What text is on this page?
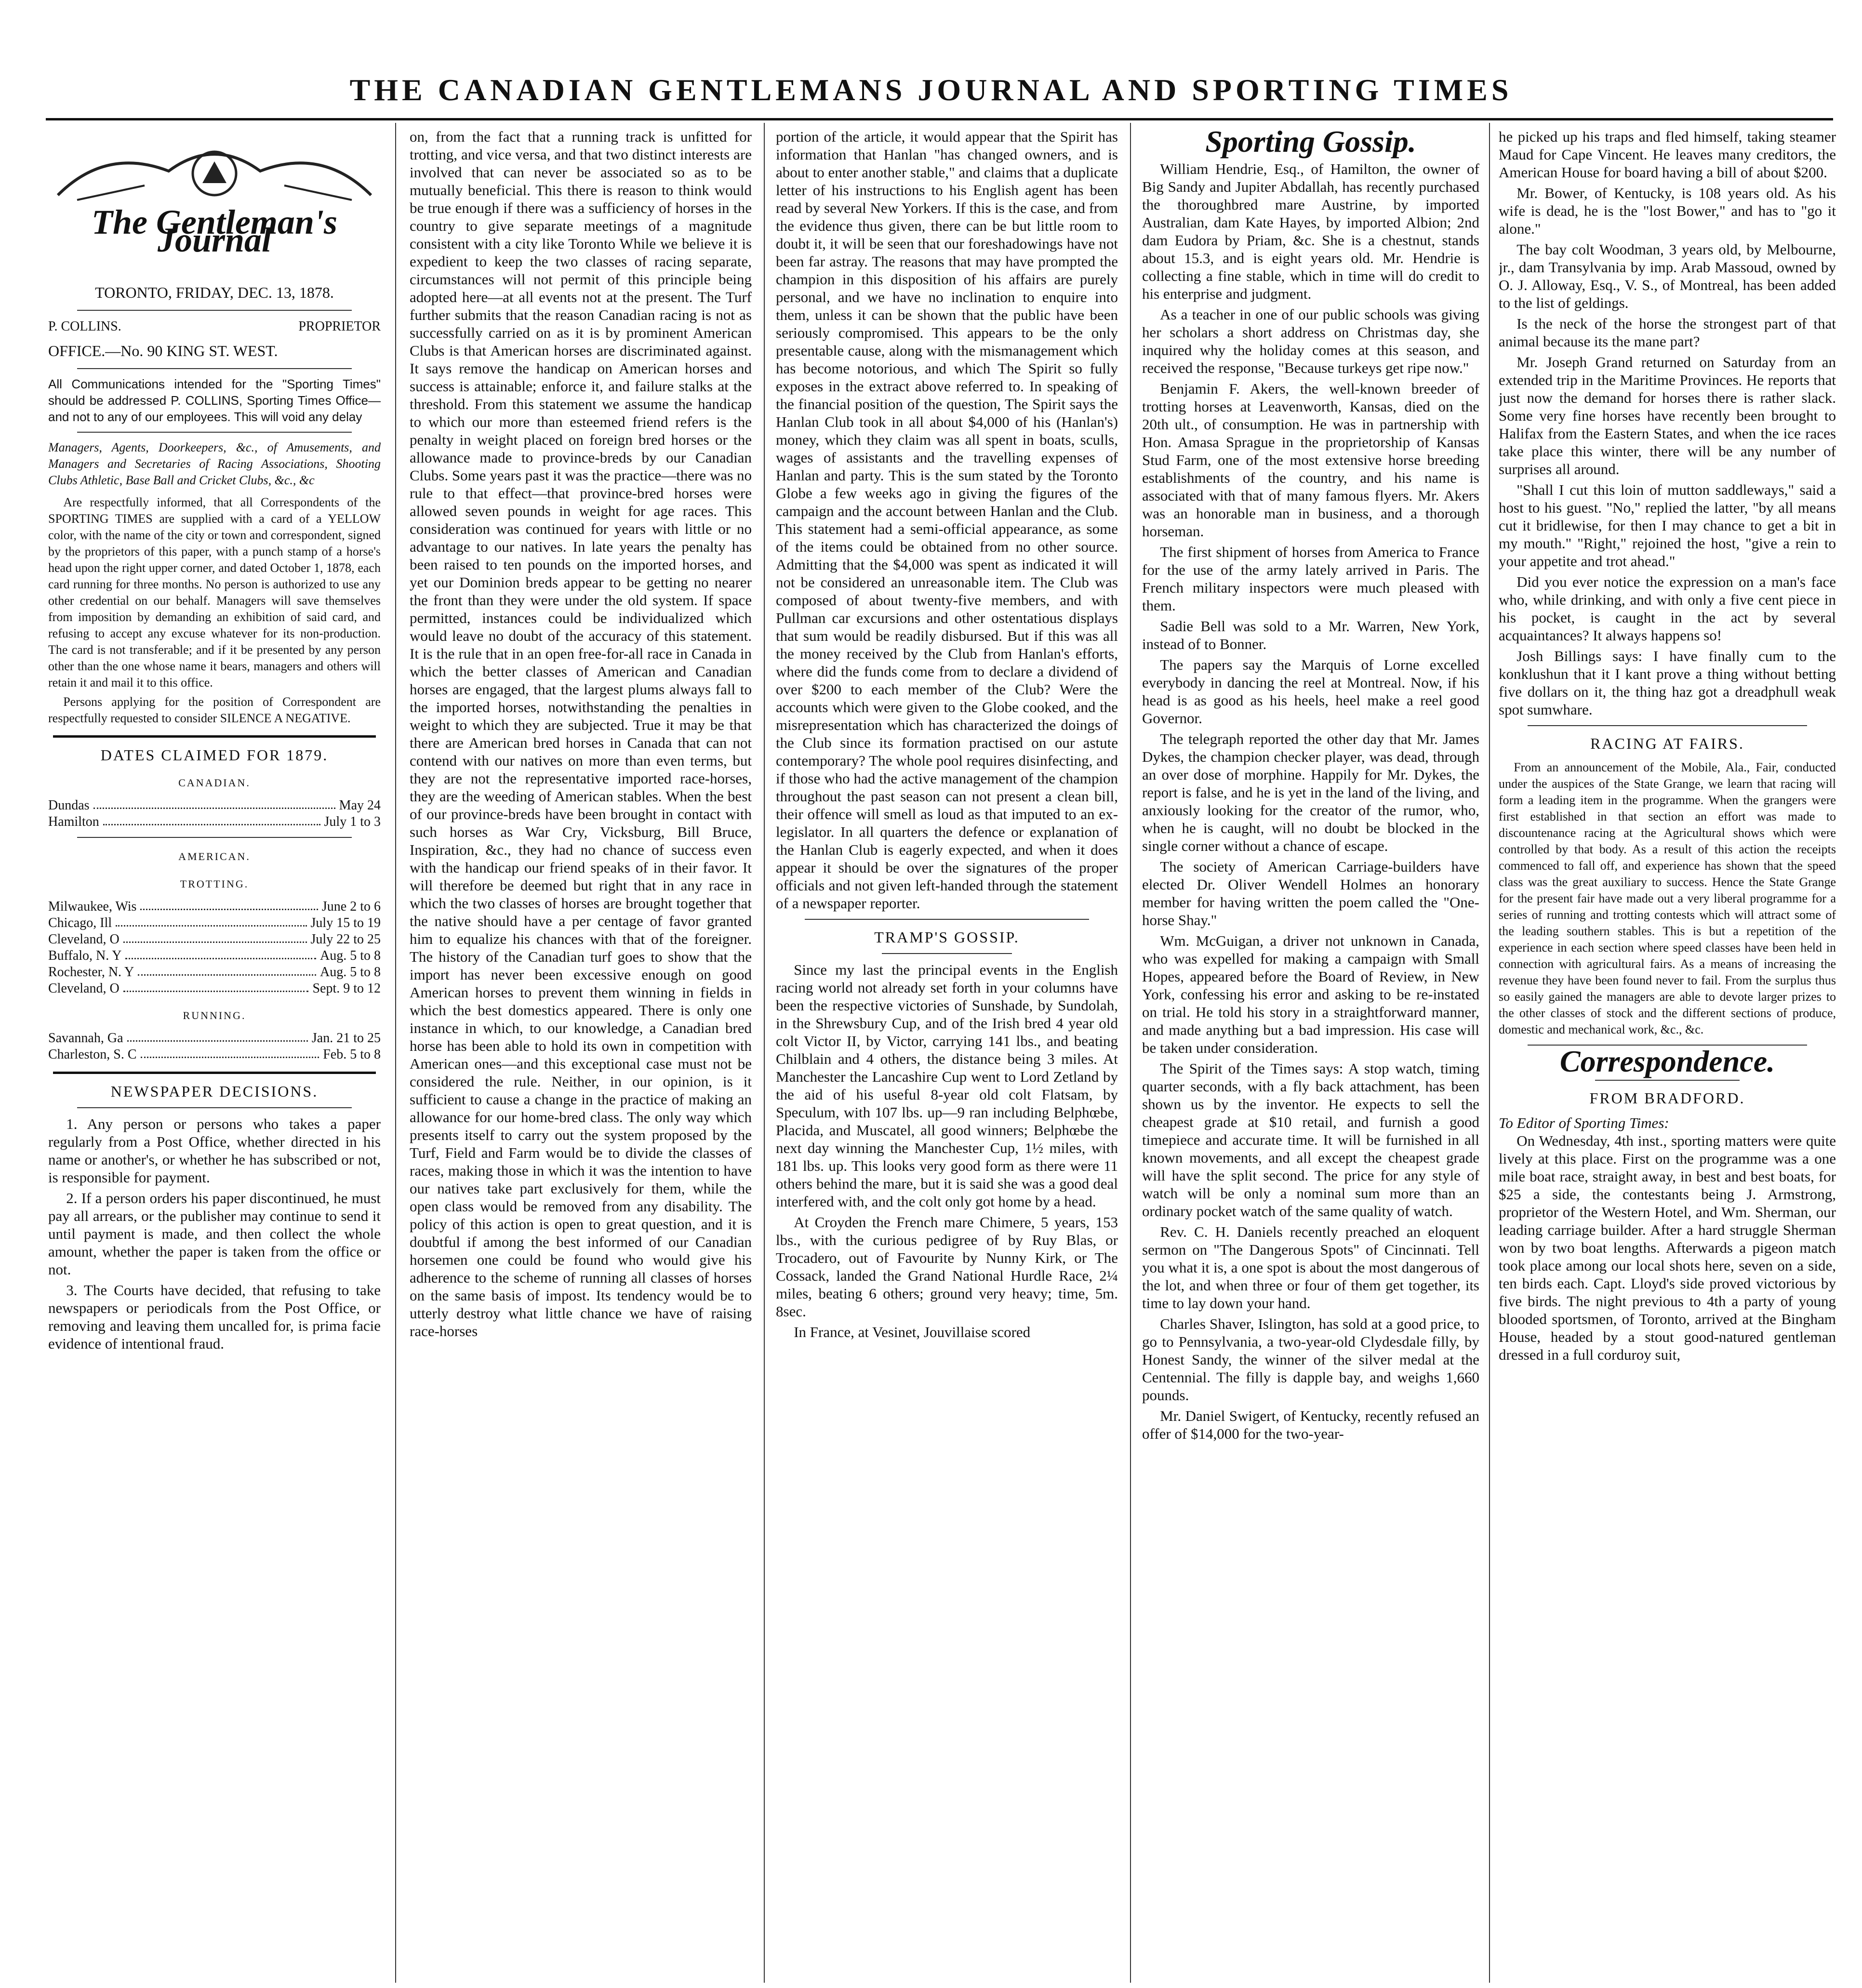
THE CANADIAN GENTLEMANS JOURNAL AND SPORTING TIMES
The Gentleman's Journal
TORONTO, FRIDAY, DEC. 13, 1878.
P. COLLINS.	PROPRIETOR
OFFICE.—No. 90 KING ST. WEST.
All Communications intended for the "Sporting Times" should be addressed P. COLLINS, Sporting Times Office—and not to any of our employees. This will void any delay
Managers, Agents, Doorkeepers, &c., of Amusements, and Managers and Secretaries of Racing Associations, Shooting Clubs Athletic, Base Ball and Cricket Clubs, &c., &c

Are respectfully informed, that all Correspondents of the SPORTING TIMES are supplied with a card of a YELLOW color, with the name of the city or town and correspondent, signed by the proprietors of this paper, with a punch stamp of a horse's head upon the right upper corner, and dated October 1, 1878, each card running for three months. No person is authorized to use any other credential on our behalf. Managers will save themselves from imposition by demanding an exhibition of said card, and refusing to accept any excuse whatever for its non-production. The card is not transferable; and if it be presented by any person other than the one whose name it bears, managers and others will retain it and mail it to this office.

Persons applying for the position of Correspondent are respectfully requested to consider SILENCE A NEGATIVE.

DATES CLAIMED FOR 1879.
CANADIAN.
Dundas	May 24
Hamilton	July 1 to 3
AMERICAN.
TROTTING.
Milwaukee, Wis	June 2 to 6
Chicago, Ill	July 15 to 19
Cleveland, O	July 22 to 25
Buffalo, N. Y	Aug. 5 to 8
Rochester, N. Y	Aug. 5 to 8
Cleveland, O	Sept. 9 to 12
RUNNING.
Savannah, Ga	Jan. 21 to 25
Charleston, S. C	Feb. 5 to 8
NEWSPAPER DECISIONS.

1. Any person or persons who takes a paper regularly from a Post Office, whether directed in his name or another's, or whether he has subscribed or not, is responsible for payment.

2. If a person orders his paper discontinued, he must pay all arrears, or the publisher may continue to send it until payment is made, and then collect the whole amount, whether the paper is taken from the office or not.

3. The Courts have decided, that refusing to take newspapers or periodicals from the Post Office, or removing and leaving them uncalled for, is prima facie evidence of intentional fraud.

on, from the fact that a running track is unfitted for trotting, and vice versa, and that two distinct interests are involved that can never be associated so as to be mutually beneficial. This there is reason to think would be true enough if there was a sufficiency of horses in the country to give separate meetings of a magnitude consistent with a city like Toronto While we believe it is expedient to keep the two classes of racing separate, circumstances will not permit of this principle being adopted here—at all events not at the present. The Turf further submits that the reason Canadian racing is not as successfully carried on as it is by prominent American Clubs is that American horses are discriminated against. It says remove the handicap on American horses and success is attainable; enforce it, and failure stalks at the threshold. From this statement we assume the handicap to which our more than esteemed friend refers is the penalty in weight placed on foreign bred horses or the allowance made to province-breds by our Canadian Clubs. Some years past it was the practice—there was no rule to that effect—that province-bred horses were allowed seven pounds in weight for age races. This consideration was continued for years with little or no advantage to our natives. In late years the penalty has been raised to ten pounds on the imported horses, and yet our Dominion breds appear to be getting no nearer the front than they were under the old system. If space permitted, instances could be individualized which would leave no doubt of the accuracy of this statement. It is the rule that in an open free-for-all race in Canada in which the better classes of American and Canadian horses are engaged, that the largest plums always fall to the imported horses, notwithstanding the penalties in weight to which they are subjected. True it may be that there are American bred horses in Canada that can not contend with our natives on more than even terms, but they are not the representative imported race-horses, they are the weeding of American stables. When the best of our province-breds have been brought in contact with such horses as War Cry, Vicksburg, Bill Bruce, Inspiration, &c., they had no chance of success even with the handicap our friend speaks of in their favor. It will therefore be deemed but right that in any race in which the two classes of horses are brought together that the native should have a per centage of favor granted him to equalize his chances with that of the foreigner. The history of the Canadian turf goes to show that the import has never been excessive enough on good American horses to prevent them winning in fields in which the best domestics appeared. There is only one instance in which, to our knowledge, a Canadian bred horse has been able to hold its own in competition with American ones—and this exceptional case must not be considered the rule. Neither, in our opinion, is it sufficient to cause a change in the practice of making an allowance for our home-bred class. The only way which presents itself to carry out the system proposed by the Turf, Field and Farm would be to divide the classes of races, making those in which it was the intention to have our natives take part exclusively for them, while the open class would be removed from any disability. The policy of this action is open to great question, and it is doubtful if among the best informed of our Canadian horsemen one could be found who would give his adherence to the scheme of running all classes of horses on the same basis of impost. Its tendency would be to utterly destroy what little chance we have of raising race-horses

portion of the article, it would appear that the Spirit has information that Hanlan "has changed owners, and is about to enter another stable," and claims that a duplicate letter of his instructions to his English agent has been read by several New Yorkers. If this is the case, and from the evidence thus given, there can be but little room to doubt it, it will be seen that our foreshadowings have not been far astray. The reasons that may have prompted the champion in this disposition of his affairs are purely personal, and we have no inclination to enquire into them, unless it can be shown that the public have been seriously compromised. This appears to be the only presentable cause, along with the mismanagement which has become notorious, and which The Spirit so fully exposes in the extract above referred to. In speaking of the financial position of the question, The Spirit says the Hanlan Club took in all about $4,000 of his (Hanlan's) money, which they claim was all spent in boats, sculls, wages of assistants and the travelling expenses of Hanlan and party. This is the sum stated by the Toronto Globe a few weeks ago in giving the figures of the campaign and the account between Hanlan and the Club. This statement had a semi-official appearance, as some of the items could be obtained from no other source. Admitting that the $4,000 was spent as indicated it will not be considered an unreasonable item. The Club was composed of about twenty-five members, and with Pullman car excursions and other ostentatious displays that sum would be readily disbursed. But if this was all the money received by the Club from Hanlan's efforts, where did the funds come from to declare a dividend of over $200 to each member of the Club? Were the accounts which were given to the Globe cooked, and the misrepresentation which has characterized the doings of the Club since its formation practised on our astute contemporary? The whole pool requires disinfecting, and if those who had the active management of the champion throughout the past season can not present a clean bill, their offence will smell as loud as that imputed to an ex-legislator. In all quarters the defence or explanation of the Hanlan Club is eagerly expected, and when it does appear it should be over the signatures of the proper officials and not given left-handed through the statement of a newspaper reporter.

TRAMP'S GOSSIP.

Since my last the principal events in the English racing world not already set forth in your columns have been the respective victories of Sunshade, by Sundolah, in the Shrewsbury Cup, and of the Irish bred 4 year old colt Victor II, by Victor, carrying 141 lbs., and beating Chilblain and 4 others, the distance being 3 miles. At Manchester the Lancashire Cup went to Lord Zetland by the aid of his useful 8-year old colt Flatsam, by Speculum, with 107 lbs. up—9 ran including Belphœbe, Placida, and Muscatel, all good winners; Belphœbe the next day winning the Manchester Cup, 1½ miles, with 181 lbs. up. This looks very good form as there were 11 others behind the mare, but it is said she was a good deal interfered with, and the colt only got home by a head.

At Croyden the French mare Chimere, 5 years, 153 lbs., with the curious pedigree of by Ruy Blas, or Trocadero, out of Favourite by Nunny Kirk, or The Cossack, landed the Grand National Hurdle Race, 2¼ miles, beating 6 others; ground very heavy; time, 5m. 8sec.

In France, at Vesinet, Jouvillaise scored

Sporting Gossip.

William Hendrie, Esq., of Hamilton, the owner of Big Sandy and Jupiter Abdallah, has recently purchased the thoroughbred mare Austrine, by imported Australian, dam Kate Hayes, by imported Albion; 2nd dam Eudora by Priam, &c. She is a chestnut, stands about 15.3, and is eight years old. Mr. Hendrie is collecting a fine stable, which in time will do credit to his enterprise and judgment.

As a teacher in one of our public schools was giving her scholars a short address on Christmas day, she inquired why the holiday comes at this season, and received the response, "Because turkeys get ripe now."

Benjamin F. Akers, the well-known breeder of trotting horses at Leavenworth, Kansas, died on the 20th ult., of consumption. He was in partnership with Hon. Amasa Sprague in the proprietorship of Kansas Stud Farm, one of the most extensive horse breeding establishments of the country, and his name is associated with that of many famous flyers. Mr. Akers was an honorable man in business, and a thorough horseman.

The first shipment of horses from America to France for the use of the army lately arrived in Paris. The French military inspectors were much pleased with them.

Sadie Bell was sold to a Mr. Warren, New York, instead of to Bonner.

The papers say the Marquis of Lorne excelled everybody in dancing the reel at Montreal. Now, if his head is as good as his heels, heel make a reel good Governor.

The telegraph reported the other day that Mr. James Dykes, the champion checker player, was dead, through an over dose of morphine. Happily for Mr. Dykes, the report is false, and he is yet in the land of the living, and anxiously looking for the creator of the rumor, who, when he is caught, will no doubt be blocked in the single corner without a chance of escape.

The society of American Carriage-builders have elected Dr. Oliver Wendell Holmes an honorary member for having written the poem called the "One-horse Shay."

Wm. McGuigan, a driver not unknown in Canada, who was expelled for making a campaign with Small Hopes, appeared before the Board of Review, in New York, confessing his error and asking to be re-instated on trial. He told his story in a straightforward manner, and made anything but a bad impression. His case will be taken under consideration.

The Spirit of the Times says: A stop watch, timing quarter seconds, with a fly back attachment, has been shown us by the inventor. He expects to sell the cheapest grade at $10 retail, and furnish a good timepiece and accurate time. It will be furnished in all known movements, and all except the cheapest grade will have the split second. The price for any style of watch will be only a nominal sum more than an ordinary pocket watch of the same quality of watch.

Rev. C. H. Daniels recently preached an eloquent sermon on "The Dangerous Spots" of Cincinnati. Tell you what it is, a one spot is about the most dangerous of the lot, and when three or four of them get together, its time to lay down your hand.

Charles Shaver, Islington, has sold at a good price, to go to Pennsylvania, a two-year-old Clydesdale filly, by Honest Sandy, the winner of the silver medal at the Centennial. The filly is dapple bay, and weighs 1,660 pounds.

Mr. Daniel Swigert, of Kentucky, recently refused an offer of $14,000 for the two-year-

he picked up his traps and fled himself, taking steamer Maud for Cape Vincent. He leaves many creditors, the American House for board having a bill of about $200.

Mr. Bower, of Kentucky, is 108 years old. As his wife is dead, he is the "lost Bower," and has to "go it alone."

The bay colt Woodman, 3 years old, by Melbourne, jr., dam Transylvania by imp. Arab Massoud, owned by O. J. Alloway, Esq., V. S., of Montreal, has been added to the list of geldings.

Is the neck of the horse the strongest part of that animal because its the mane part?

Mr. Joseph Grand returned on Saturday from an extended trip in the Maritime Provinces. He reports that just now the demand for horses there is rather slack. Some very fine horses have recently been brought to Halifax from the Eastern States, and when the ice races take place this winter, there will be any number of surprises all around.

"Shall I cut this loin of mutton saddleways," said a host to his guest. "No," replied the latter, "by all means cut it bridlewise, for then I may chance to get a bit in my mouth." "Right," rejoined the host, "give a rein to your appetite and trot ahead."

Did you ever notice the expression on a man's face who, while drinking, and with only a five cent piece in his pocket, is caught in the act by several acquaintances? It always happens so!

Josh Billings says: I have finally cum to the konklushun that it I kant prove a thing without betting five dollars on it, the thing haz got a dreadphull weak spot sumwhare.

RACING AT FAIRS.

From an announcement of the Mobile, Ala., Fair, conducted under the auspices of the State Grange, we learn that racing will form a leading item in the programme. When the grangers were first established in that section an effort was made to discountenance racing at the Agricultural shows which were controlled by that body. As a result of this action the receipts commenced to fall off, and experience has shown that the speed class was the great auxiliary to success. Hence the State Grange for the present fair have made out a very liberal programme for a series of running and trotting contests which will attract some of the leading southern stables. This is but a repetition of the experience in each section where speed classes have been held in connection with agricultural fairs. As a means of increasing the revenue they have been found never to fail. From the surplus thus so easily gained the managers are able to devote larger prizes to the other classes of stock and the different sections of produce, domestic and mechanical work, &c., &c.

Correspondence.
FROM BRADFORD.
To Editor of Sporting Times:

On Wednesday, 4th inst., sporting matters were quite lively at this place. First on the programme was a one mile boat race, straight away, in best and best boats, for $25 a side, the contestants being J. Armstrong, proprietor of the Western Hotel, and Wm. Sherman, our leading carriage builder. After a hard struggle Sherman won by two boat lengths. Afterwards a pigeon match took place among our local shots here, seven on a side, ten birds each. Capt. Lloyd's side proved victorious by five birds. The night previous to 4th a party of young blooded sportsmen, of Toronto, arrived at the Bingham House, headed by a stout good-natured gentleman dressed in a full corduroy suit,
